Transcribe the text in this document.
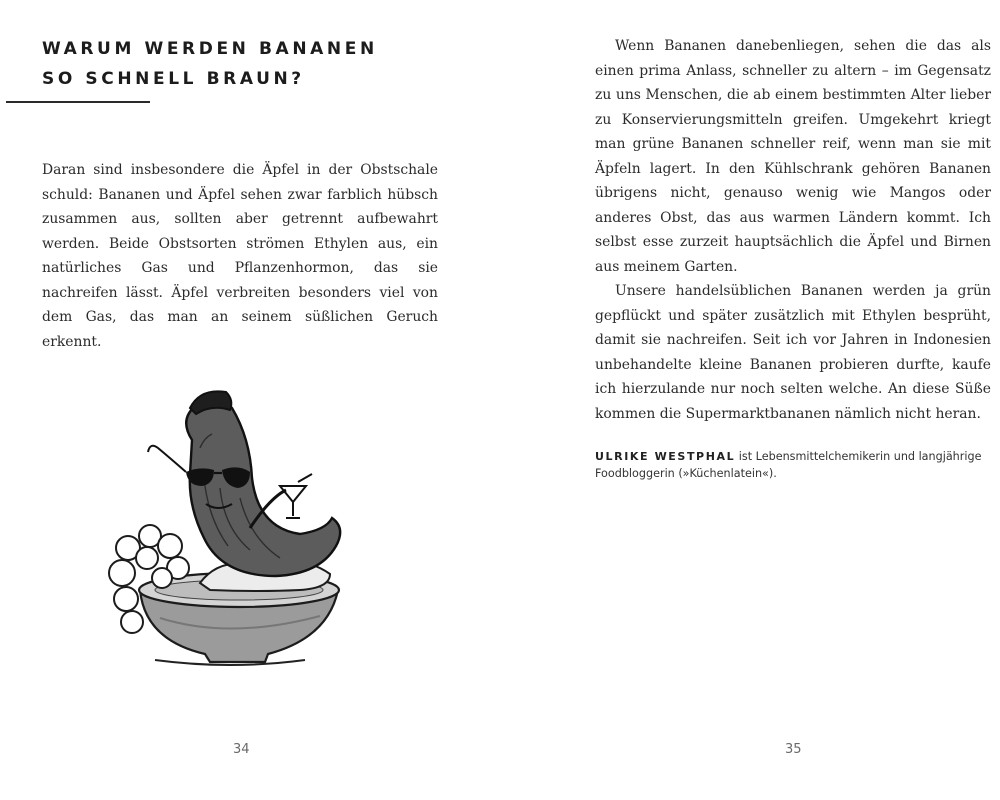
WARUM WERDEN BANANEN
SO SCHNELL BRAUN?

Daran sind insbesondere die Äpfel in der Obstschale schuld: Bananen und Äpfel sehen zwar farblich hübsch zusammen aus, sollten aber getrennt aufbewahrt werden. Beide Obstsorten strömen Ethylen aus, ein natürliches Gas und Pflanzenhormon, das sie nachreifen lässt. Äpfel verbreiten besonders viel von dem Gas, das man an seinem süßlichen Geruch erkennt.

34

Wenn Bananen danebenliegen, sehen die das als einen prima Anlass, schneller zu altern – im Gegensatz zu uns Menschen, die ab einem bestimmten Alter lieber zu Konservierungsmitteln greifen. Umgekehrt kriegt man grüne Bananen schneller reif, wenn man sie mit Äpfeln lagert. In den Kühlschrank gehören Bananen übrigens nicht, genauso wenig wie Mangos oder anderes Obst, das aus warmen Ländern kommt. Ich selbst esse zurzeit hauptsächlich die Äpfel und Birnen aus meinem Garten.

Unsere handelsüblichen Bananen werden ja grün gepflückt und später zusätzlich mit Ethylen besprüht, damit sie nachreifen. Seit ich vor Jahren in Indonesien unbehandelte kleine Bananen probieren durfte, kaufe ich hierzulande nur noch selten welche. An diese Süße kommen die Supermarktbananen nämlich nicht heran.

ULRIKE WESTPHAL ist Lebensmittelchemikerin und langjährige Foodbloggerin (»Küchenlatein«).

35
